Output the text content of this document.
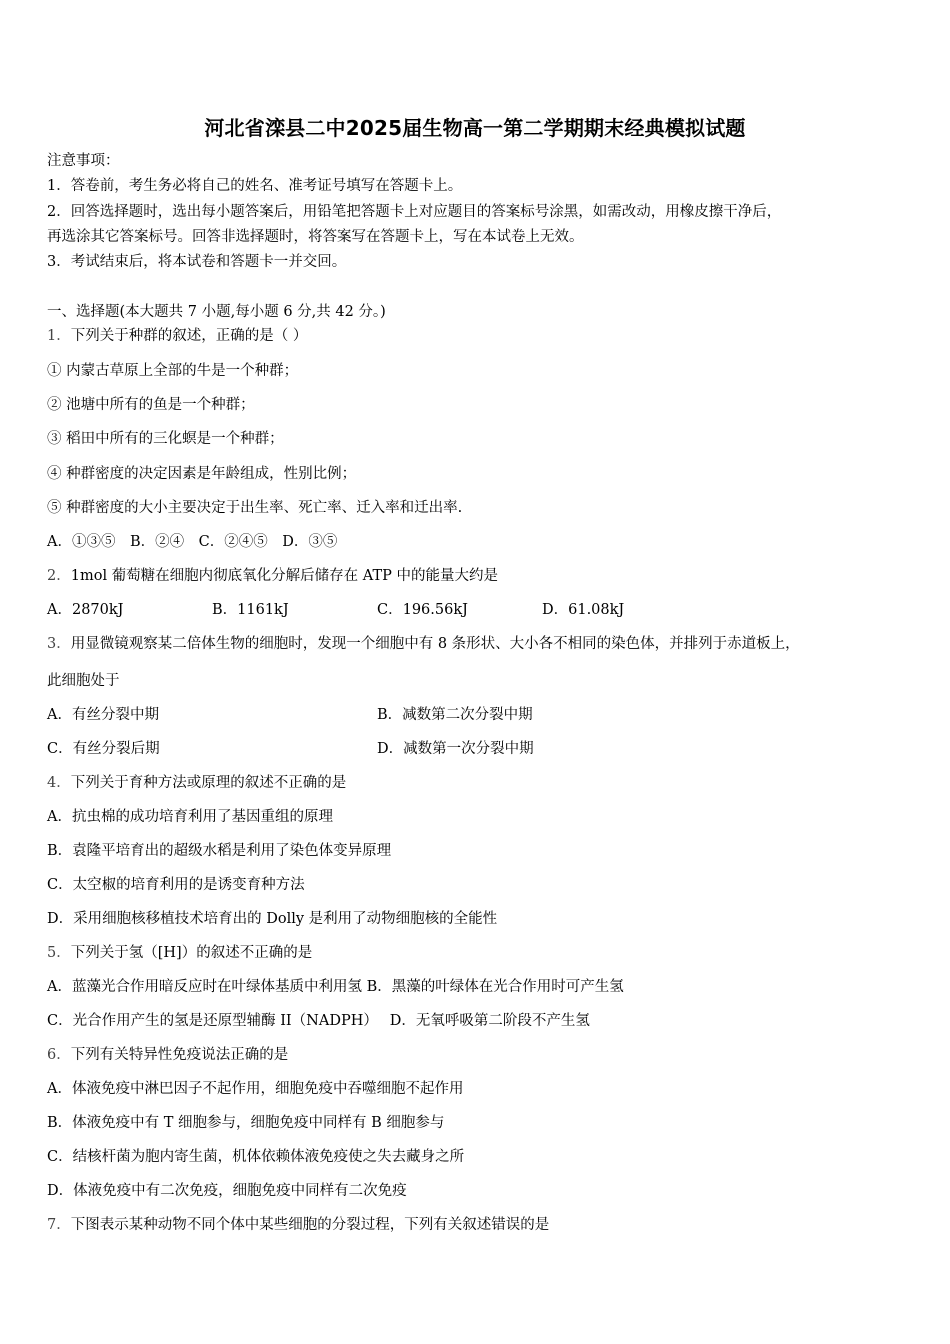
河北省滦县二中2025届生物高一第二学期期末经典模拟试题
注意事项：
1．答卷前，考生务必将自己的姓名、准考证号填写在答题卡上。
2．回答选择题时，选出每小题答案后，用铅笔把答题卡上对应题目的答案标号涂黑，如需改动，用橡皮擦干净后，
再选涂其它答案标号。回答非选择题时，将答案写在答题卡上，写在本试卷上无效。
3．考试结束后，将本试卷和答题卡一并交回。
一、选择题(本大题共 7 小题,每小题 6 分,共 42 分。)
1．下列关于种群的叙述，正确的是（ ）
① 内蒙古草原上全部的牛是一个种群；
② 池塘中所有的鱼是一个种群；
③ 稻田中所有的三化螟是一个种群；
④ 种群密度的决定因素是年龄组成，性别比例；
⑤ 种群密度的大小主要决定于出生率、死亡率、迁入率和迁出率.
A．①③⑤　B．②④　C．②④⑤　D．③⑤
2．1mol 葡萄糖在细胞内彻底氧化分解后储存在 ATP 中的能量大约是
A．2870kJ	B．1161kJ	C．196.56kJ	D．61.08kJ
3．用显微镜观察某二倍体生物的细胞时，发现一个细胞中有 8 条形状、大小各不相同的染色体，并排列于赤道板上，
此细胞处于
A．有丝分裂中期	B．减数第二次分裂中期
C．有丝分裂后期	D．减数第一次分裂中期
4．下列关于育种方法或原理的叙述不正确的是
A．抗虫棉的成功培育利用了基因重组的原理
B．袁隆平培育出的超级水稻是利用了染色体变异原理
C．太空椒的培育利用的是诱变育种方法
D．采用细胞核移植技术培育出的 Dolly 是利用了动物细胞核的全能性
5．下列关于氢（[H]）的叙述不正确的是
A．蓝藻光合作用暗反应时在叶绿体基质中利用氢 B．黑藻的叶绿体在光合作用时可产生氢
C．光合作用产生的氢是还原型辅酶 II（NADPH）　 D．无氧呼吸第二阶段不产生氢
6．下列有关特异性免疫说法正确的是
A．体液免疫中淋巴因子不起作用，细胞免疫中吞噬细胞不起作用
B．体液免疫中有 T 细胞参与，细胞免疫中同样有 B 细胞参与
C．结核杆菌为胞内寄生菌，机体依赖体液免疫使之失去藏身之所
D．体液免疫中有二次免疫，细胞免疫中同样有二次免疫
7．下图表示某种动物不同个体中某些细胞的分裂过程，下列有关叙述错误的是
